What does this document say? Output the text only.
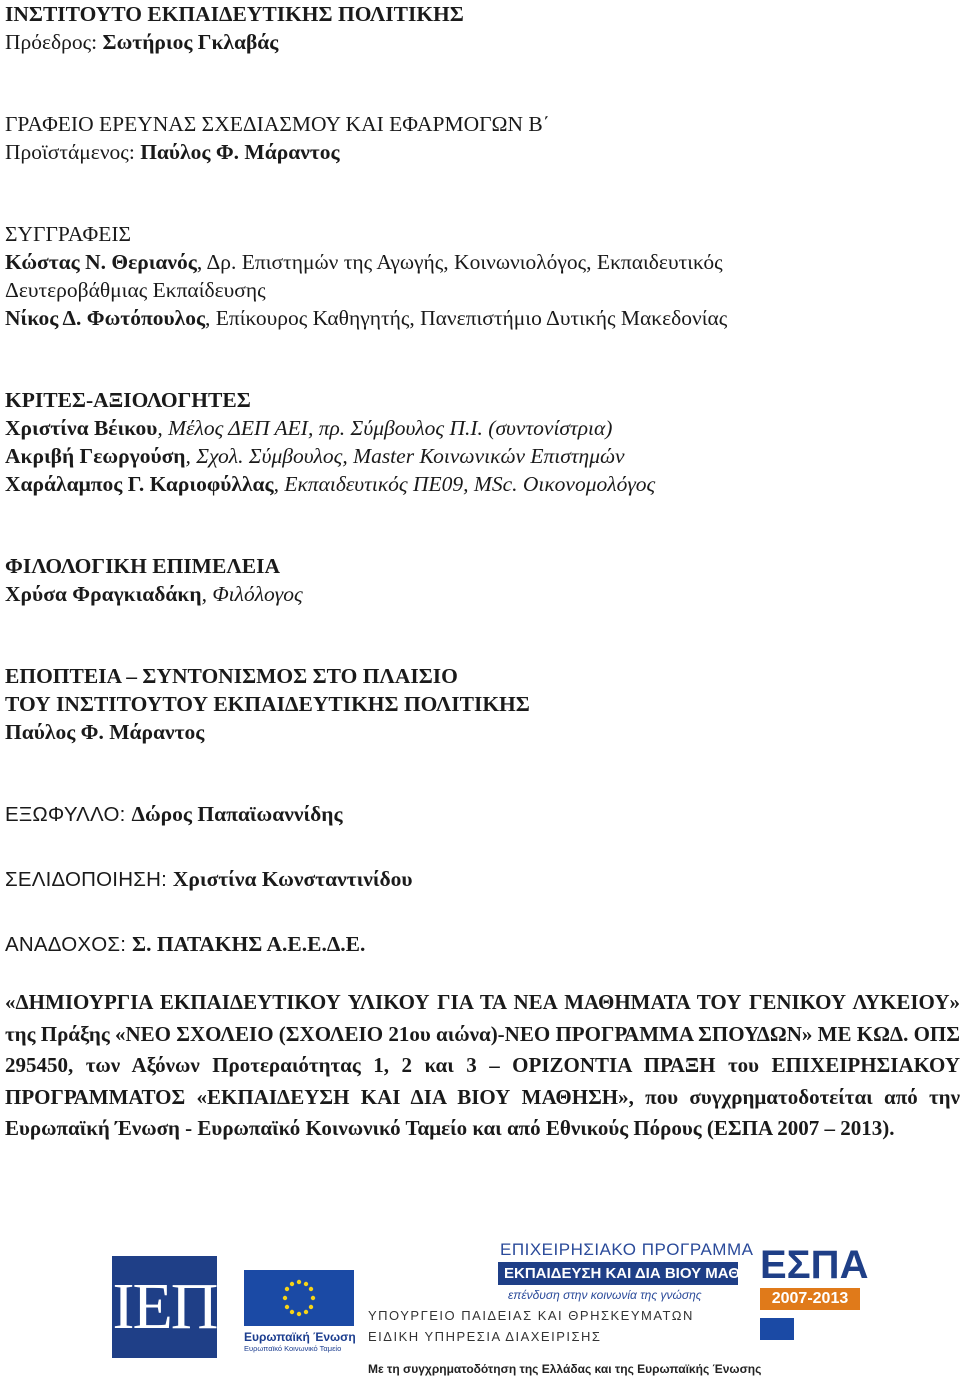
ΙΝΣΤΙΤΟΥΤΟ ΕΚΠΑΙΔΕΥΤΙΚΗΣ ΠΟΛΙΤΙΚΗΣ
Πρόεδρος: Σωτήριος Γκλαβάς
ΓΡΑΦΕΙΟ ΕΡΕΥΝΑΣ ΣΧΕΔΙΑΣΜΟΥ ΚΑΙ ΕΦΑΡΜΟΓΩΝ Β΄
Προϊστάμενος: Παύλος Φ. Μάραντος
ΣΥΓΓΡΑΦΕΙΣ
Κώστας Ν. Θεριανός, Δρ. Επιστημών της Αγωγής, Κοινωνιολόγος, Εκπαιδευτικός
Δευτεροβάθμιας Εκπαίδευσης
Νίκος Δ. Φωτόπουλος, Επίκουρος Καθηγητής, Πανεπιστήμιο Δυτικής Μακεδονίας
ΚΡΙΤΕΣ-ΑΞΙΟΛΟΓΗΤΕΣ
Χριστίνα Βέικου, Μέλος ΔΕΠ ΑΕΙ, πρ. Σύμβουλος Π.Ι. (συντονίστρια)
Ακριβή Γεωργούση, Σχολ. Σύμβουλος, Master Κοινωνικών Επιστημών
Χαράλαμπος Γ. Καριοφύλλας, Εκπαιδευτικός ΠΕ09, MSc. Οικονομολόγος
ΦΙΛΟΛΟΓΙΚΗ ΕΠΙΜΕΛΕΙΑ
Χρύσα Φραγκιαδάκη, Φιλόλογος
ΕΠΟΠΤΕΙΑ – ΣΥΝΤΟΝΙΣΜΟΣ ΣΤΟ ΠΛΑΙΣΙΟ
ΤΟΥ ΙΝΣΤΙΤΟΥΤΟΥ ΕΚΠΑΙΔΕΥΤΙΚΗΣ ΠΟΛΙΤΙΚΗΣ
Παύλος Φ. Μάραντος
ΕΞΩΦΥΛΛΟ: Δώρος Παπαϊωαννίδης
ΣΕΛΙΔΟΠΟΙΗΣΗ: Χριστίνα Κωνσταντινίδου
ΑΝΑΔΟΧΟΣ: Σ. ΠΑΤΑΚΗΣ Α.Ε.Ε.Δ.Ε.
«ΔΗΜΙΟΥΡΓΙΑ ΕΚΠΑΙΔΕΥΤΙΚΟΥ ΥΛΙΚΟΥ ΓΙΑ ΤΑ ΝΕΑ ΜΑΘΗΜΑΤΑ ΤΟΥ ΓΕΝΙΚΟΥ ΛΥΚΕΙΟΥ» της Πράξης «ΝΕΟ ΣΧΟΛΕΙΟ (ΣΧΟΛΕΙΟ 21ου αιώνα)-ΝΕΟ ΠΡΟΓΡΑΜΜΑ ΣΠΟΥΔΩΝ» ΜΕ ΚΩΔ. ΟΠΣ 295450, των Αξόνων Προτεραιότητας 1, 2 και 3 – ΟΡΙΖΟΝΤΙΑ ΠΡΑΞΗ του ΕΠΙΧΕΙΡΗΣΙΑΚΟΥ ΠΡΟΓΡΑΜΜΑΤΟΣ «ΕΚΠΑΙΔΕΥΣΗ ΚΑΙ ΔΙΑ ΒΙΟΥ ΜΑΘΗΣΗ», που συγχρηματοδοτείται από την Ευρωπαϊκή Ένωση - Ευρωπαϊκό Κοινωνικό Ταμείο και από Εθνικούς Πόρους (ΕΣΠΑ 2007 – 2013).
ΙΕΠ Ευρωπαϊκή Ένωση
Ευρωπαϊκό Κοινωνικό Ταμείο
ΕΠΙΧΕΙΡΗΣΙΑΚΟ ΠΡΟΓΡΑΜΜΑ
ΕΚΠΑΙΔΕΥΣΗ ΚΑΙ ΔΙΑ ΒΙΟΥ ΜΑΘΗΣΗ
επένδυση στην κοινωνία της γνώσης
ΥΠΟΥΡΓΕΙΟ ΠΑΙΔΕΙΑΣ ΚΑΙ ΘΡΗΣΚΕΥΜΑΤΩΝ
ΕΙΔΙΚΗ ΥΠΗΡΕΣΙΑ ΔΙΑΧΕΙΡΙΣΗΣ
Με τη συγχρηματοδότηση της Ελλάδας και της Ευρωπαϊκής Ένωσης
ΕΣΠΑ
2007-2013
